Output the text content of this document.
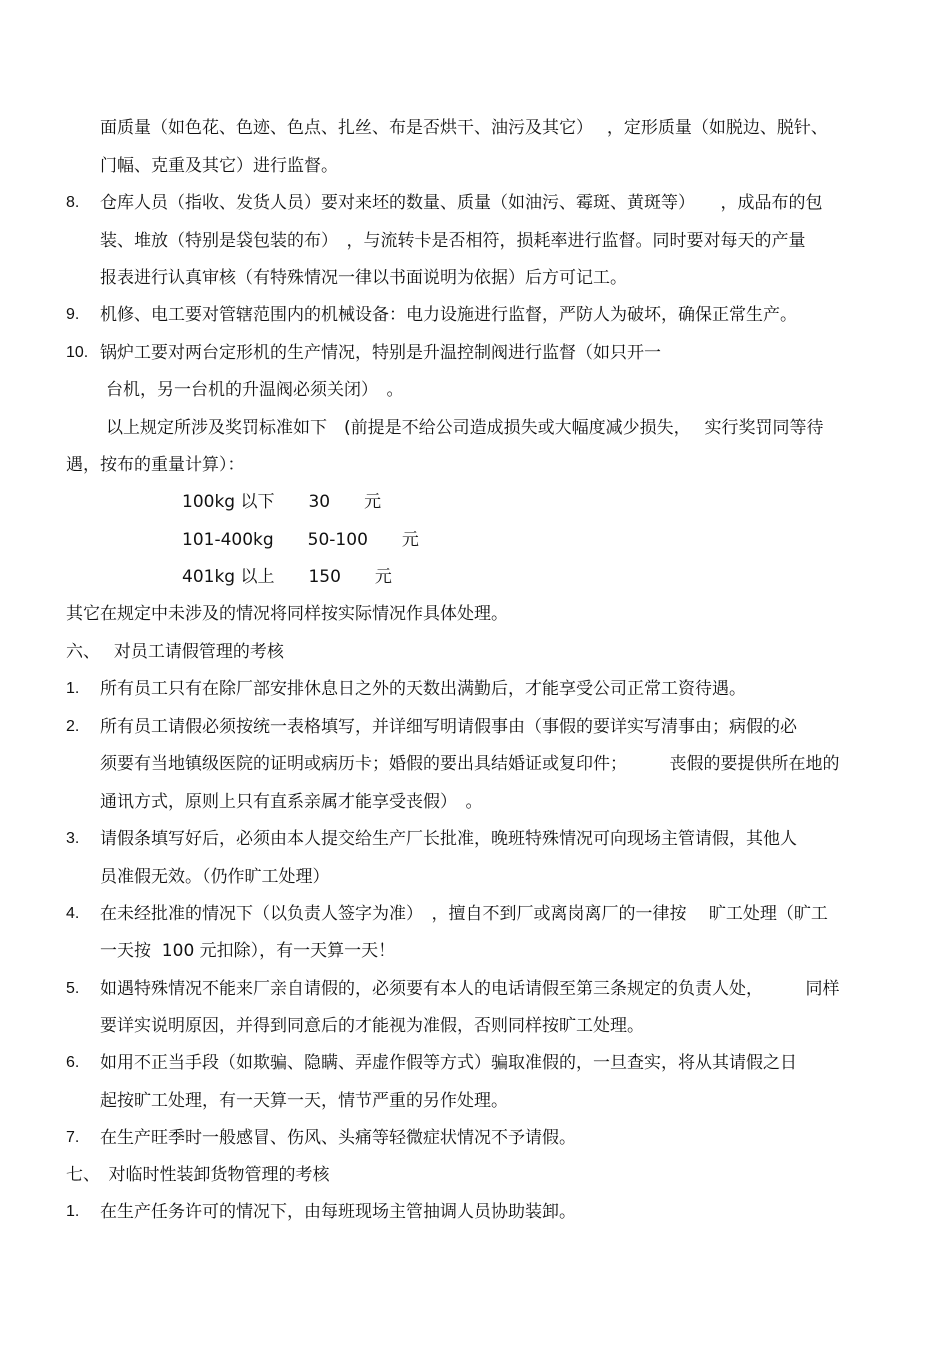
8.
9.
10.
1.
2.
3.
4.
5.
6.
7.
1.
面质量（如色花、色迹、色点、扎丝、布是否烘干、油污及其它）　 ，定形质量（如脱边、脱针、
门幅、克重及其它）进行监督。
仓库人员（指收、发货人员）要对来坯的数量、质量（如油污、霉斑、黄斑等）　　，成品布的包
装、堆放（特别是袋包装的布）　，与流转卡是否相符，损耗率进行监督。同时要对每天的产量
报表进行认真审核（有特殊情况一律以书面说明为依据）后方可记工。
机修、电工要对管辖范围内的机械设备：电力设施进行监督，严防人为破坏，确保正常生产。
锅炉工要对两台定形机的生产情况，特别是升温控制阀进行监督（如只开一
台机，另一台机的升温阀必须关闭）　。
以上规定所涉及奖罚标准如下　(前提是不给公司造成损失或大幅度减少损失，　 实行奖罚同等待
遇，按布的重量计算）：
100kg 以下　　30　　元
101-400kg　　50-100　　元
401kg 以上　　150　　元
其它在规定中未涉及的情况将同样按实际情况作具体处理。
六、　 对员工请假管理的考核
所有员工只有在除厂部安排休息日之外的天数出满勤后，才能享受公司正常工资待遇。
所有员工请假必须按统一表格填写，并详细写明请假事由（事假的要详实写清事由；病假的必
须要有当地镇级医院的证明或病历卡；婚假的要出具结婚证或复印件；　　　丧假的要提供所在地的
通讯方式，原则上只有直系亲属才能享受丧假）　。
请假条填写好后，必须由本人提交给生产厂长批准，晚班特殊情况可向现场主管请假，其他人
员准假无效。（仍作旷工处理）
在未经批准的情况下（以负责人签字为准）　，擅自不到厂或离岗离厂的一律按　 旷工处理（旷工
一天按  100 元扣除），有一天算一天！
如遇特殊情况不能来厂亲自请假的，必须要有本人的电话请假至第三条规定的负责人处，　　　同样
要详实说明原因，并得到同意后的才能视为准假，否则同样按旷工处理。
如用不正当手段（如欺骗、隐瞒、弄虚作假等方式）骗取准假的，一旦查实，将从其请假之日
起按旷工处理，有一天算一天，情节严重的另作处理。
在生产旺季时一般感冒、伤风、头痛等轻微症状情况不予请假。
七、　对临时性装卸货物管理的考核
在生产任务许可的情况下，由每班现场主管抽调人员协助装卸。
